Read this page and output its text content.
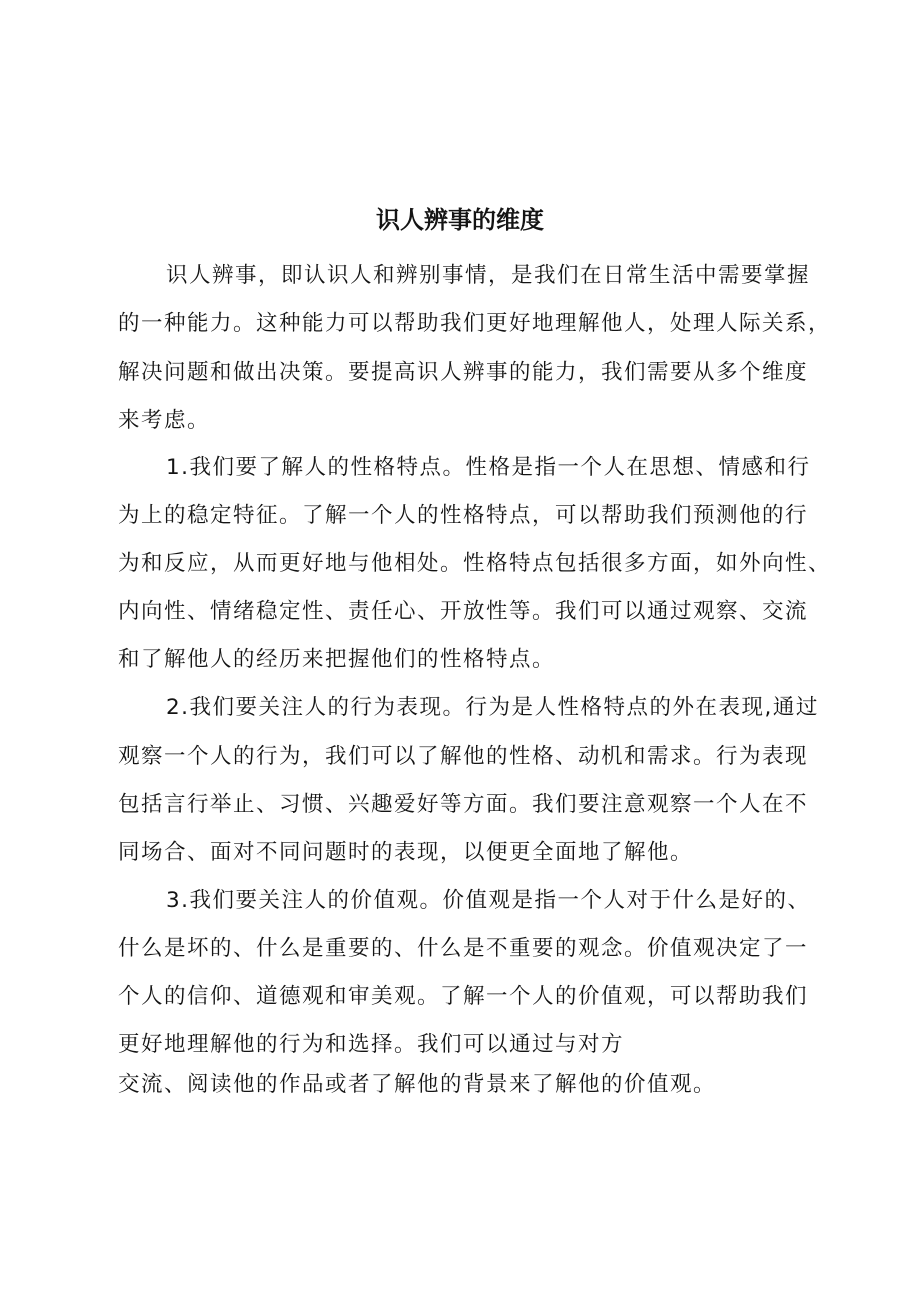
识人辨事的维度
识人辨事，即认识人和辨别事情，是我们在日常生活中需要掌握
的一种能力。这种能力可以帮助我们更好地理解他人，处理人际关系，
解决问题和做出决策。要提高识人辨事的能力，我们需要从多个维度
来考虑。
1.我们要了解人的性格特点。性格是指一个人在思想、情感和行
为上的稳定特征。了解一个人的性格特点，可以帮助我们预测他的行
为和反应，从而更好地与他相处。性格特点包括很多方面，如外向性、
内向性、情绪稳定性、责任心、开放性等。我们可以通过观察、交流
和了解他人的经历来把握他们的性格特点。
2.我们要关注人的行为表现。行为是人性格特点的外在表现,通过
观察一个人的行为，我们可以了解他的性格、动机和需求。行为表现
包括言行举止、习惯、兴趣爱好等方面。我们要注意观察一个人在不
同场合、面对不同问题时的表现，以便更全面地了解他。
3.我们要关注人的价值观。价值观是指一个人对于什么是好的、
什么是坏的、什么是重要的、什么是不重要的观念。价值观决定了一
个人的信仰、道德观和审美观。了解一个人的价值观，可以帮助我们
更好地理解他的行为和选择。我们可以通过与对方
交流、阅读他的作品或者了解他的背景来了解他的价值观。
